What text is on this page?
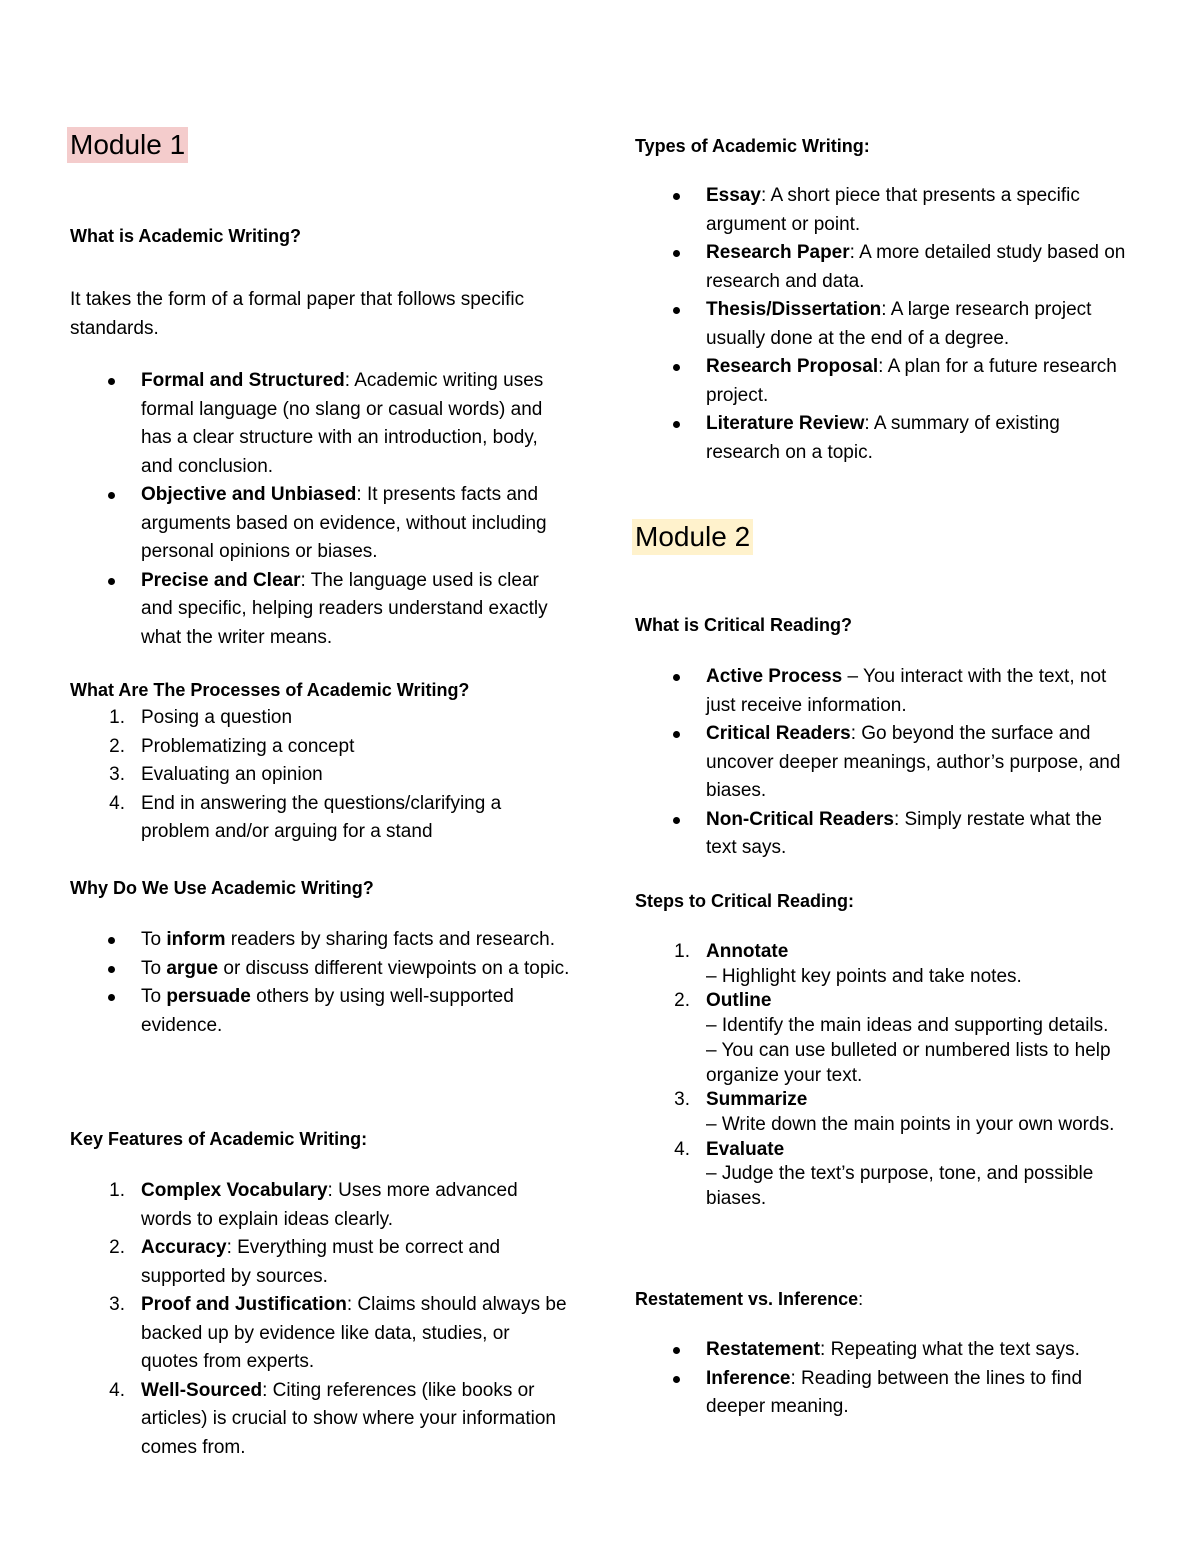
Module 1
What is Academic Writing?

It takes the form of a formal paper that follows specific standards.

Formal and Structured: Academic writing uses formal language (no slang or casual words) and has a clear structure with an introduction, body, and conclusion.
Objective and Unbiased: It presents facts and arguments based on evidence, without including personal opinions or biases.
Precise and Clear: The language used is clear and specific, helping readers understand exactly what the writer means.
What Are The Processes of Academic Writing?
1. Posing a question
2. Problematizing a concept
3. Evaluating an opinion
4. End in answering the questions/clarifying a problem and/or arguing for a stand
Why Do We Use Academic Writing?
To inform readers by sharing facts and research.
To argue or discuss different viewpoints on a topic.
To persuade others by using well-supported evidence.
Key Features of Academic Writing:
1. Complex Vocabulary: Uses more advanced words to explain ideas clearly.
2. Accuracy: Everything must be correct and supported by sources.
3. Proof and Justification: Claims should always be backed up by evidence like data, studies, or quotes from experts.
4. Well-Sourced: Citing references (like books or articles) is crucial to show where your information comes from.
Types of Academic Writing:
Essay: A short piece that presents a specific argument or point.
Research Paper: A more detailed study based on research and data.
Thesis/Dissertation: A large research project usually done at the end of a degree.
Research Proposal: A plan for a future research project.
Literature Review: A summary of existing research on a topic.
Module 2
What is Critical Reading?
Active Process – You interact with the text, not just receive information.
Critical Readers: Go beyond the surface and uncover deeper meanings, author’s purpose, and biases.
Non-Critical Readers: Simply restate what the text says.
Steps to Critical Reading:
1. Annotate
– Highlight key points and take notes.
2. Outline
– Identify the main ideas and supporting details.
– You can use bulleted or numbered lists to help organize your text.
3. Summarize
– Write down the main points in your own words.
4. Evaluate
– Judge the text’s purpose, tone, and possible biases.
Restatement vs. Inference:
Restatement: Repeating what the text says.
Inference: Reading between the lines to find deeper meaning.
